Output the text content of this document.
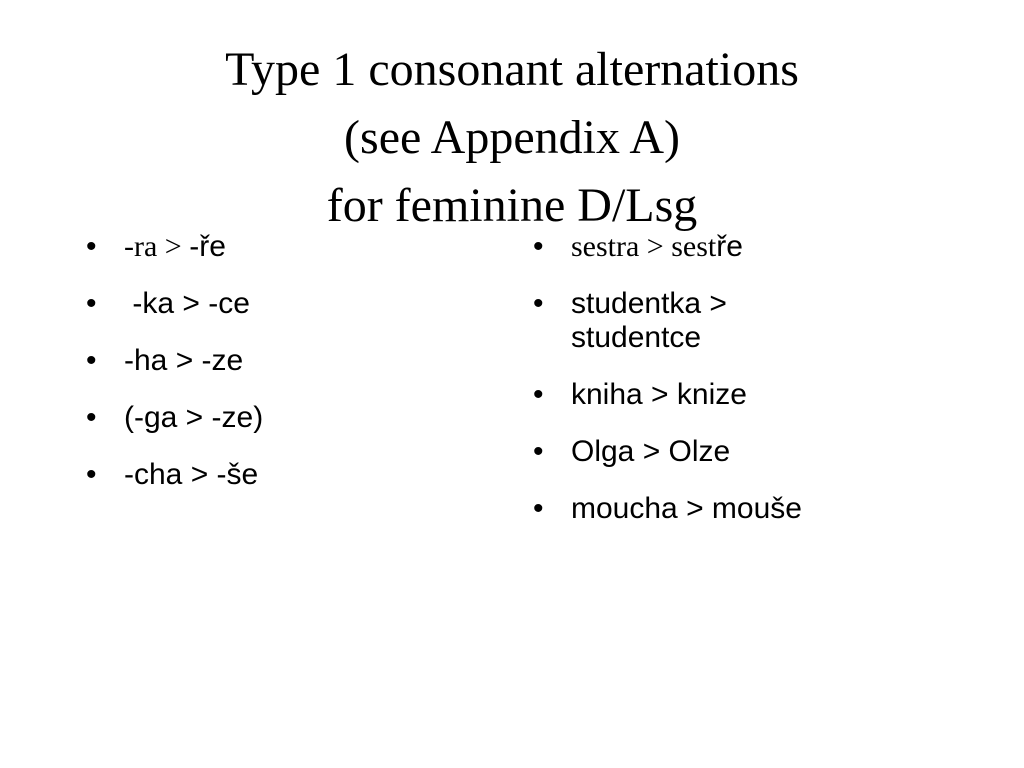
Type 1 consonant alternations
(see Appendix A)
for feminine D/Lsg
• -ra > -ře
• -ka > -ce
• -ha > -ze
• (-ga > -ze)
• -cha > -še
• sestra > sestře
• studentka > studentce
• kniha > knize
• Olga > Olze
• moucha > mouše
